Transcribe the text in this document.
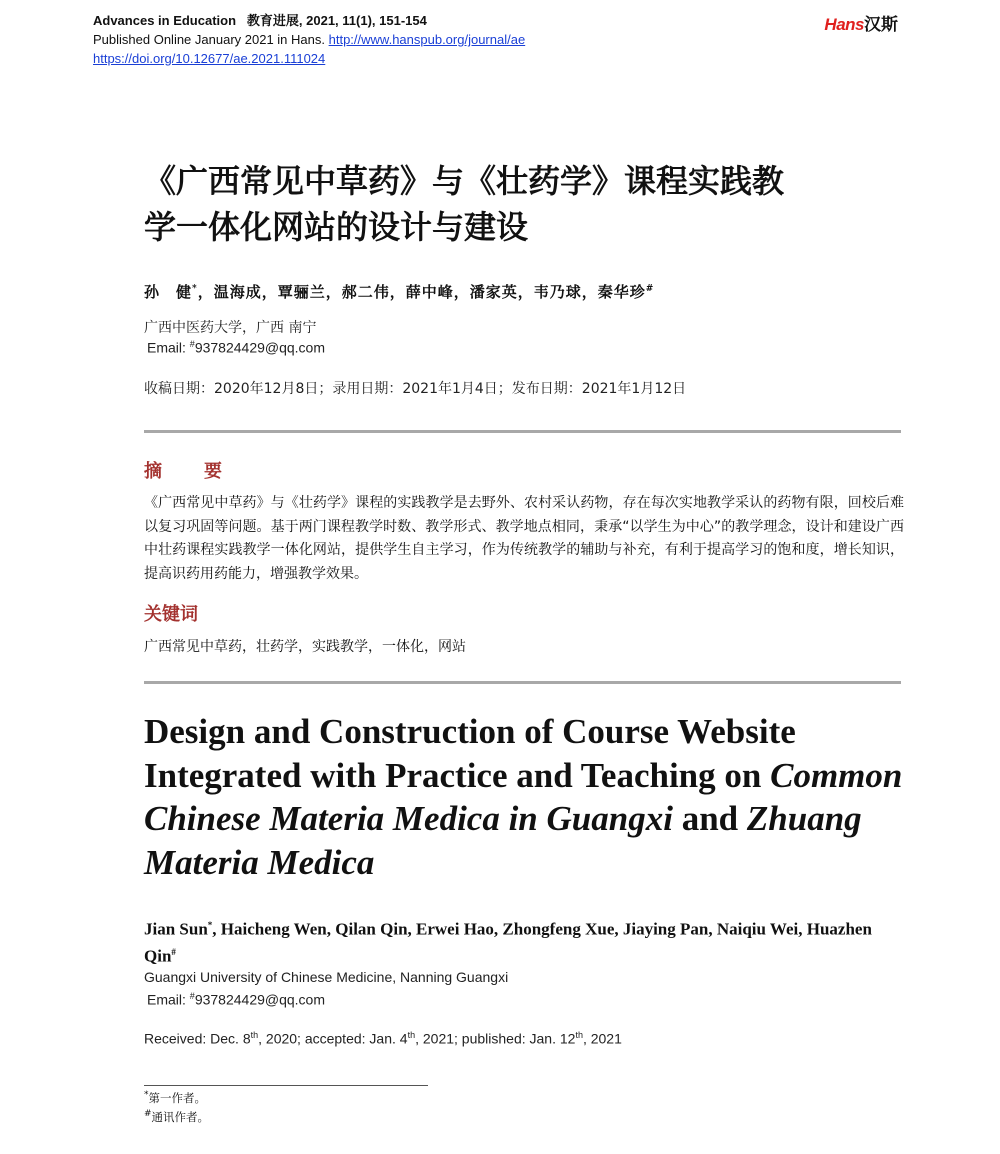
Advances in Education 教育进展, 2021, 11(1), 151-154
Published Online January 2021 in Hans. http://www.hanspub.org/journal/ae
https://doi.org/10.12677/ae.2021.111024
Hans汉斯
《广西常见中草药》与《壮药学》课程实践教
学一体化网站的设计与建设
孙　健*，温海成，覃骊兰，郝二伟，薛中峰，潘家英，韦乃球，秦华珍#
广西中医药大学，广西 南宁
Email: #937824429@qq.com
收稿日期：2020年12月8日；录用日期：2021年1月4日；发布日期：2021年1月12日
摘　要
《广西常见中草药》与《壮药学》课程的实践教学是去野外、农村采认药物，存在每次实地教学采认的药物有限，回校后难以复习巩固等问题。基于两门课程教学时数、教学形式、教学地点相同，秉承“以学生为中心”的教学理念，设计和建设广西中壮药课程实践教学一体化网站，提供学生自主学习，作为传统教学的辅助与补充，有利于提高学习的饱和度，增长知识，提高识药用药能力，增强教学效果。
关键词
广西常见中草药，壮药学，实践教学，一体化，网站
Design and Construction of Course Website Integrated with Practice and Teaching on Common Chinese Materia Medica in Guangxi and Zhuang Materia Medica
Jian Sun*, Haicheng Wen, Qilan Qin, Erwei Hao, Zhongfeng Xue, Jiaying Pan, Naiqiu Wei, Huazhen Qin#
Guangxi University of Chinese Medicine, Nanning Guangxi
Email: #937824429@qq.com
Received: Dec. 8th, 2020; accepted: Jan. 4th, 2021; published: Jan. 12th, 2021
*第一作者。
#通讯作者。
